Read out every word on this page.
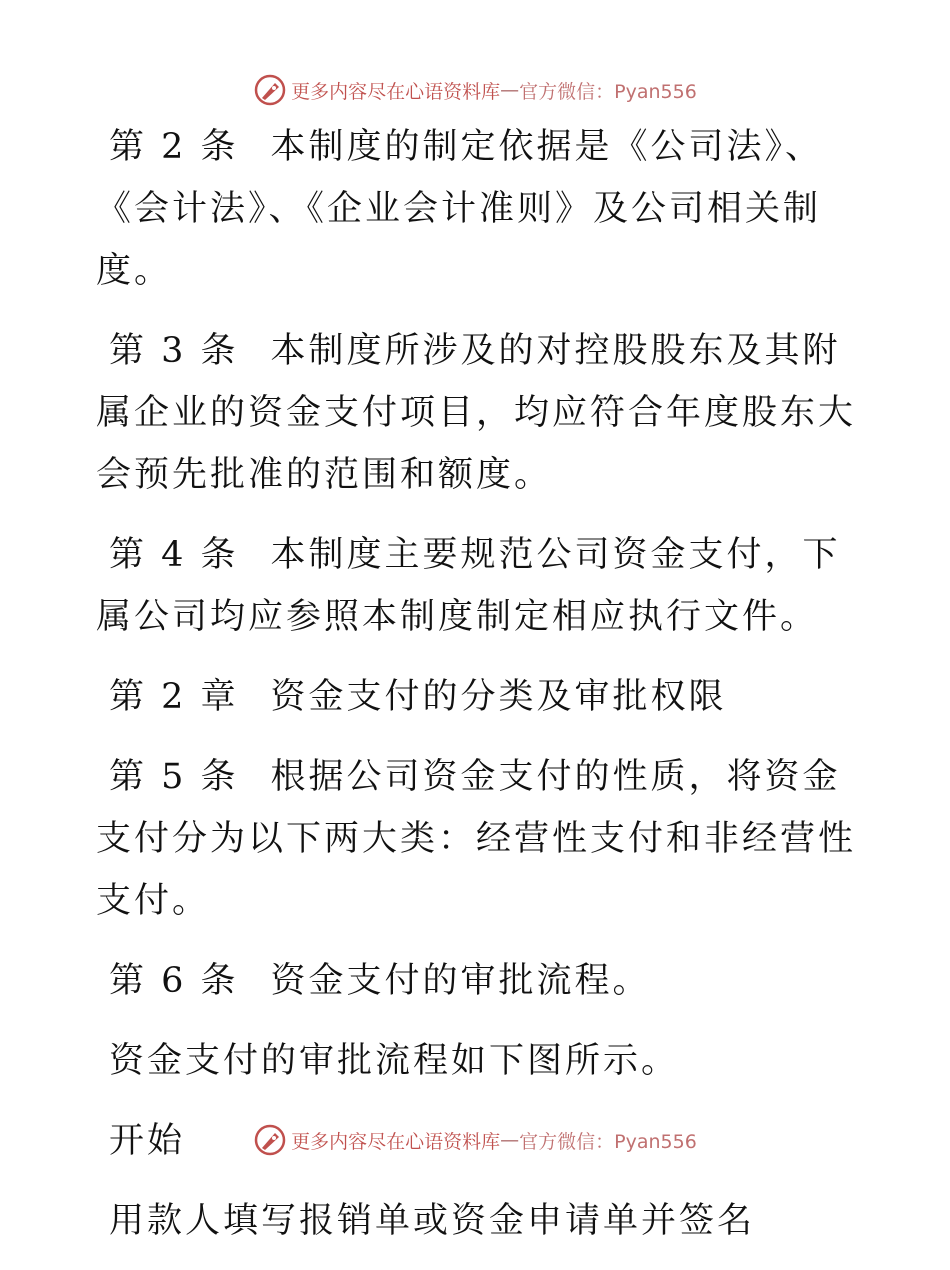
更多内容尽在心语资料库 — 官方微信：Pyan556

第 2 条 本制度的制定依据是《公司法》、《会计法》、《企业会计准则》及公司相关制度。

第 3 条 本制度所涉及的对控股股东及其附属企业的资金支付项目，均应符合年度股东大会预先批准的范围和额度。

第 4 条 本制度主要规范公司资金支付，下属公司均应参照本制度制定相应执行文件。

第 2 章 资金支付的分类及审批权限

第 5 条 根据公司资金支付的性质，将资金支付分为以下两大类：经营性支付和非经营性支付。

第 6 条 资金支付的审批流程。

资金支付的审批流程如下图所示。

开始

用款人填写报销单或资金申请单并签名

更多内容尽在心语资料库 — 官方微信：Pyan556
